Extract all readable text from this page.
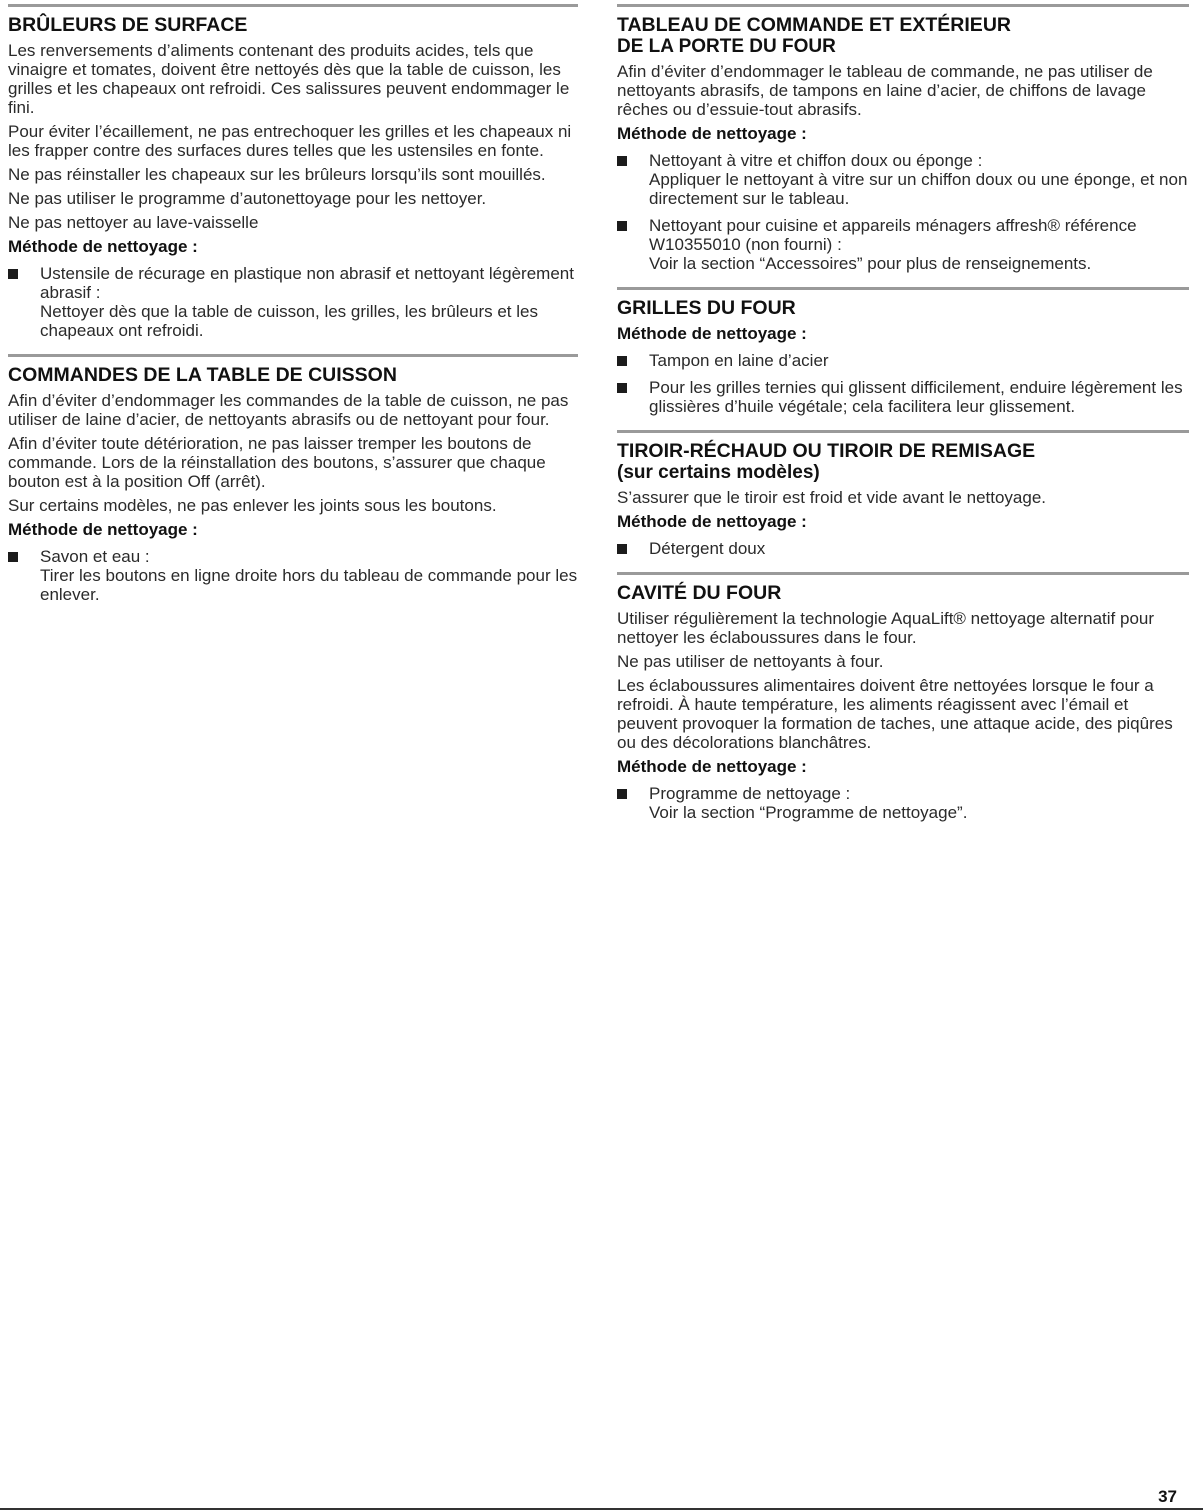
BRÛLEURS DE SURFACE

Les renversements d’aliments contenant des produits acides, tels que vinaigre et tomates, doivent être nettoyés dès que la table de cuisson, les grilles et les chapeaux ont refroidi. Ces salissures peuvent endommager le fini.

Pour éviter l’écaillement, ne pas entrechoquer les grilles et les chapeaux ni les frapper contre des surfaces dures telles que les ustensiles en fonte.

Ne pas réinstaller les chapeaux sur les brûleurs lorsqu’ils sont mouillés.

Ne pas utiliser le programme d’autonettoyage pour les nettoyer.

Ne pas nettoyer au lave-vaisselle

Méthode de nettoyage :

Ustensile de récurage en plastique non abrasif et nettoyant légèrement abrasif :
Nettoyer dès que la table de cuisson, les grilles, les brûleurs et les chapeaux ont refroidi.
COMMANDES DE LA TABLE DE CUISSON

Afin d’éviter d’endommager les commandes de la table de cuisson, ne pas utiliser de laine d’acier, de nettoyants abrasifs ou de nettoyant pour four.

Afin d’éviter toute détérioration, ne pas laisser tremper les boutons de commande. Lors de la réinstallation des boutons, s’assurer que chaque bouton est à la position Off (arrêt).

Sur certains modèles, ne pas enlever les joints sous les boutons.

Méthode de nettoyage :

Savon et eau :
Tirer les boutons en ligne droite hors du tableau de commande pour les enlever.
TABLEAU DE COMMANDE ET EXTÉRIEUR
DE LA PORTE DU FOUR

Afin d’éviter d’endommager le tableau de commande, ne pas utiliser de nettoyants abrasifs, de tampons en laine d’acier, de chiffons de lavage rêches ou d’essuie-tout abrasifs.

Méthode de nettoyage :

Nettoyant à vitre et chiffon doux ou éponge :
Appliquer le nettoyant à vitre sur un chiffon doux ou une éponge, et non directement sur le tableau.
Nettoyant pour cuisine et appareils ménagers affresh® référence W10355010 (non fourni) :
Voir la section “Accessoires” pour plus de renseignements.
GRILLES DU FOUR

Méthode de nettoyage :

Tampon en laine d’acier
Pour les grilles ternies qui glissent difficilement, enduire légèrement les glissières d’huile végétale; cela facilitera leur glissement.
TIROIR-RÉCHAUD OU TIROIR DE REMISAGE
(sur certains modèles)

S’assurer que le tiroir est froid et vide avant le nettoyage.

Méthode de nettoyage :

Détergent doux
CAVITÉ DU FOUR

Utiliser régulièrement la technologie AquaLift® nettoyage alternatif pour nettoyer les éclaboussures dans le four.

Ne pas utiliser de nettoyants à four.

Les éclaboussures alimentaires doivent être nettoyées lorsque le four a refroidi. À haute température, les aliments réagissent avec l’émail et peuvent provoquer la formation de taches, une attaque acide, des piqûres ou des décolorations blanchâtres.

Méthode de nettoyage :

Programme de nettoyage :
Voir la section “Programme de nettoyage”.
37
